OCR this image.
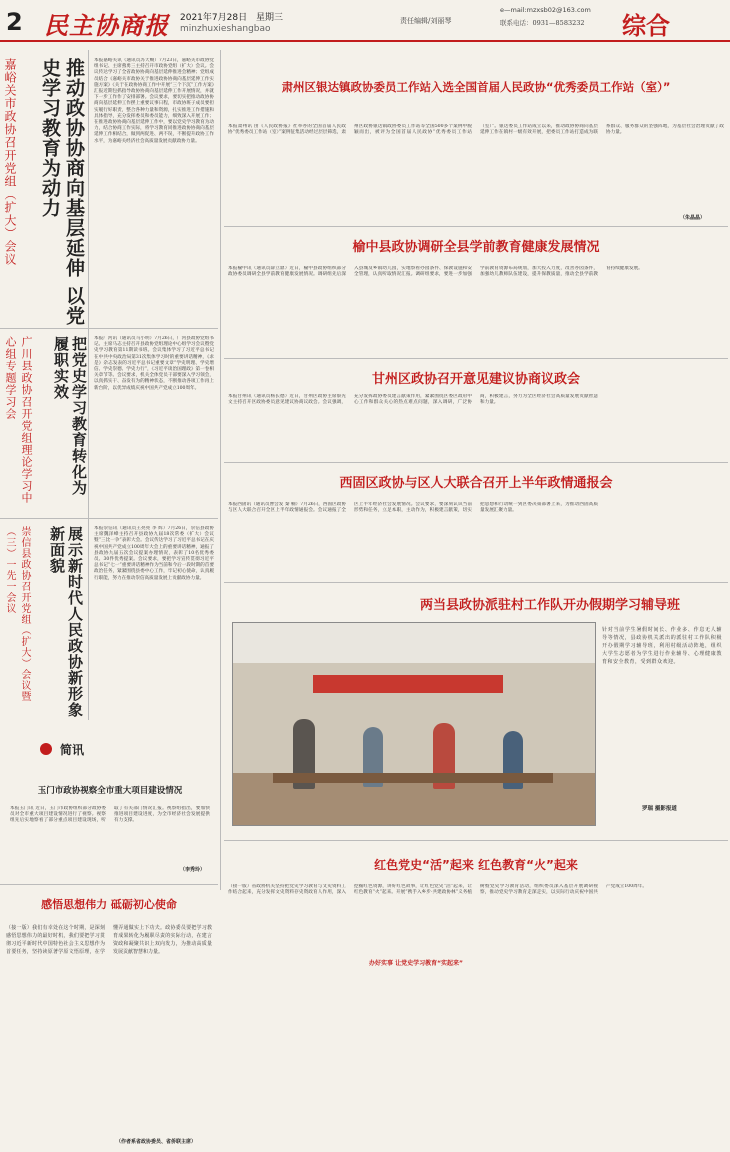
2 民主协商报 2021年7月28日 星期三
minzhuxieshangbao
责任编辑/刘丽琴
e—mail:mzxsb02@163.com
联系电话：0931—8583232 综合
嘉峪关市政协召开党组（扩大）会议	推动政协协商向基层延伸 以党史学习教育为动力	本报嘉峪关讯（通讯员苏天赐）7月23日，嘉峪关市政协党组书记、主席燕勇三主持召开市政协党组（扩大）会议。会议传达学习了全省政协协商向基层延伸推进会精神；党组成员结合《嘉峪关市政协关于推进政协协商向基层延伸工作实施方案》《关于在政协协商工作中开展“三个下沉”工作方案》汇报近期包抓指导政协协商向基层延伸工作开展情况，并就下一步工作作了安排部署。会议要求，要切实把推动政协协商向基层延伸工作摆上重要议事日程，市政协班子成员要担实履行好职责，整合各种力量和资源，扎实推进工作措施和具体指导，充分发挥委员和委员能力，细致深入开展工作；在推进政协协商向基层延伸工作中，要以党史学习教育为动力，结合协商工作实际，将学习教育同推进政协协商向基层延伸工作相结合，做到两促进、两不误，不断提升政协工作水平，为嘉峪关经济社会高质量发展贡献政协力量。
广川县政协召开党组理论学习中心组专题学习会	把党史学习教育转化为履职实效	本报广河讯（通讯员马小明）7月26日，广河县政协党组书记、主席马志主持召开县政协党组理论中心组学习会议暨党史学习教育第11期读书班。会议集体学习了习近平总书记在中共中央政治局第31次集体学习时的重要讲话精神，《求是》杂志发表的习近平总书记重要文章“学史明理、学史增信、学史崇德、学史力行”，《习近平谈治国理政》第一卷相关章节等。会议要求，机关全体党员干部要深入学习领会，以真抓实干、奋发有为的精神状态，不断推动各项工作再上新台阶，以优异成绩庆祝中国共产党成立100周年。
崇信县政协召开党组（扩大）会议暨（三）一先一会议	展示新时代人民政协新形象新面貌	本报崇信讯（通讯员王亮亮 李 辉）7月26日，崇信县政协主席魏泽峰主持召开县政协九届18次常委（扩大）会议暨“三比一争”表彰大会。会议传达学习了习近平总书记在庆祝中国共产党成立100周年大会上的重要讲话精神，通报了县政协九届五次会议提案办理情况，表彰了10名优秀委员、30件优秀提案。会议要求，要把学习宣传贯彻习近平总书记“七一”重要讲话精神作为当前和今后一段时期的首要政治任务，紧紧围绕县委中心工作，牢记初心使命，认真履行职能，努力在推动崇信高质量发展上贡献政协力量。
肃州区银达镇政协委员工作站入选全国首届人民政协“优秀委员工作站（室）”
本报肃州讯 由《人民政协报》社举办的全国首届人民政协“优秀委员工作站（室）”案例征集活动经过层层筛选，肃州区政协银达镇政协委员工作站等全国500多个案例中脱颖而出，被评为全国首届人民政协“优秀委员工作站（室）”。银达委员工作站成立以来，推动政协协商向基层延伸工作在镇村一级有效开展，把委员工作站打造成为联系群众、服务群众的坚强阵地，为基层社会治理贡献了政协力量。
（朱晶晶）
榆中县政协调研全县学前教育健康发展情况
本报榆中讯（通讯员薛立鼎）近日，榆中县政协组织部分政协委员调研全县学前教育健康发展情况。调研组先后深入县城及乡镇幼儿园，实地察看办园条件、保教设施和安全管理，认真听取情况汇报。调研组要求，要进一步加强学前教育资源布局规划，加大投入力度，改善办园条件，加强幼儿教师队伍建设，提升保教质量，推动全县学前教育持续健康发展。
甘州区政协召开意见建议协商议政会
本报甘州讯（通讯员杨长德）近日，甘州区政协主席蔡先文主持召开区政协委员意见建议协商议政会。会议强调，充分发挥政协委员建言献策作用，紧紧围绕区委区政府中心工作和群众关心的热点难点问题，深入调研，广泛协商，积极建言，努力为全区经济社会高质量发展贡献智慧和力量。
西固区政协与区人大联合召开上半年政情通报会
本报西固讯（通讯员曹会发 秦 楠）7月26日，西固区政协与区人大联合召开全区上半年政情通报会。会议通报了全区上半年经济社会发展情况。会议要求，要深刻认识当前形势和任务，立足本职，主动作为，积极建言献策，切实把思想和行动统一到区委决策部署上来，为推动西固高质量发展汇聚力量。
两当县政协派驻村工作队开办假期学习辅导班
针对当前学生暑假时间长、作业多、作息无人辅导等情况，县政协机关派出的派驻村工作队积极开办假期学习辅导班，利用村级活动阵地，组织大学生志愿者为学生进行作业辅导、心理健康教育和安全教育，受到群众欢迎。
罗瑞 摄影报道
简讯
玉门市政协视察全市重大项目建设情况
本报玉门讯 近日，玉门市政协组织部分政协委员对全市重大项目建设情况进行了视察。视察组先后实地察看了部分重点项目建设现场，听取了有关部门情况汇报。视察组指出，要加快推进项目建设进度，为全市经济社会发展提供有力支撑。
（李秀玲）
感悟思想伟力 砥砺初心使命
（接一版）我们有幸处在这个时期，是深刻感悟思想伟力的最好时机，我们要把学习贯彻习近平新时代中国特色社会主义思想作为首要任务，坚持读原著学原文悟原理，在学懂弄通做实上下功夫。政协委员要把学习教育成果转化为履职尽责的实际行动，在建言资政和凝聚共识上双向发力，为推动高质量发展贡献智慧和力量。
（作者系省政协委员、省侨联主席）
红色党史“活”起来 红色教育“火”起来
（接一版）省政协机关坚持把党史学习教育与文史资料工作结合起来，充分发挥文史资料存史资政育人作用，深入挖掘红色资源，讲好红色故事，让红色党史“活”起来，让红色教育“火”起来。开展“携手入乡步·共建政协林”义务植树暨党史学习教育活动，组织委员深入基层开展调研视察，推动党史学习教育走深走实，以实际行动庆祝中国共产党成立100周年。
办好实事 让党史学习教育“实起来”
